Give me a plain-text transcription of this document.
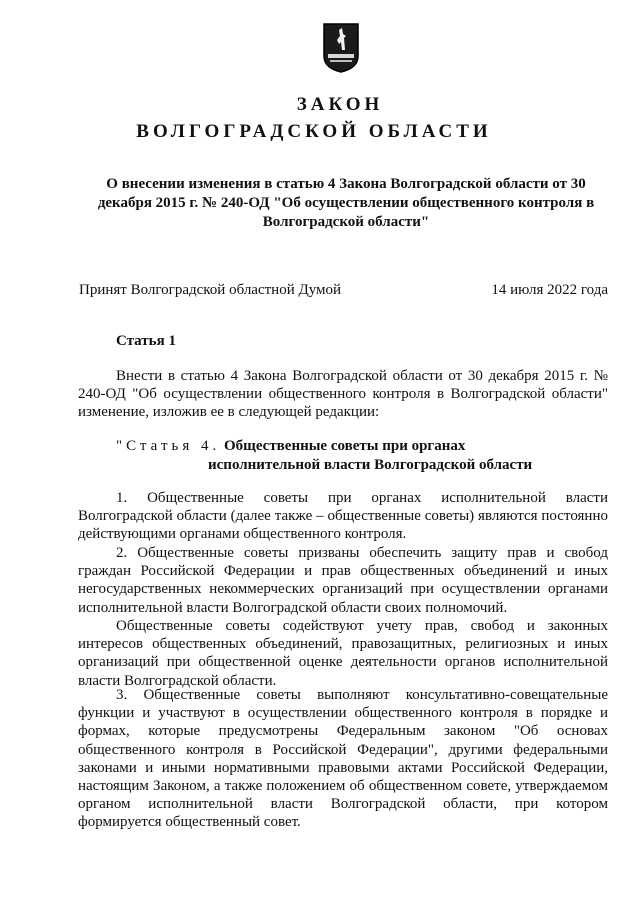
ЗАКОН
ВОЛГОГРАДСКОЙ ОБЛАСТИ
О внесении изменения в статью 4 Закона Волгоградской области от 30 декабря 2015 г. № 240-ОД "Об осуществлении общественного контроля в Волгоградской области"
Принят Волгоградской областной Думой	14 июля 2022 года
Статья 1
Внести в статью 4 Закона Волгоградской области от 30 декабря 2015 г. № 240-ОД "Об осуществлении общественного контроля в Волгоградской области" изменение, изложив ее в следующей редакции:
"Статья 4. Общественные советы при органах
исполнительной власти Волгоградской области
1. Общественные советы при органах исполнительной власти Волгоградской области (далее также – общественные советы) являются постоянно действующими органами общественного контроля.
2. Общественные советы призваны обеспечить защиту прав и свобод граждан Российской Федерации и прав общественных объединений и иных негосударственных некоммерческих организаций при осуществлении органами исполнительной власти Волгоградской области своих полномочий.
Общественные советы содействуют учету прав, свобод и законных интересов общественных объединений, правозащитных, религиозных и иных организаций при общественной оценке деятельности органов исполнительной власти Волгоградской области.
3. Общественные советы выполняют консультативно-совещательные функции и участвуют в осуществлении общественного контроля в порядке и формах, которые предусмотрены Федеральным законом "Об основах общественного контроля в Российской Федерации", другими федеральными законами и иными нормативными правовыми актами Российской Федерации, настоящим Законом, а также положением об общественном совете, утверждаемом органом исполнительной власти Волгоградской области, при котором формируется общественный совет.
